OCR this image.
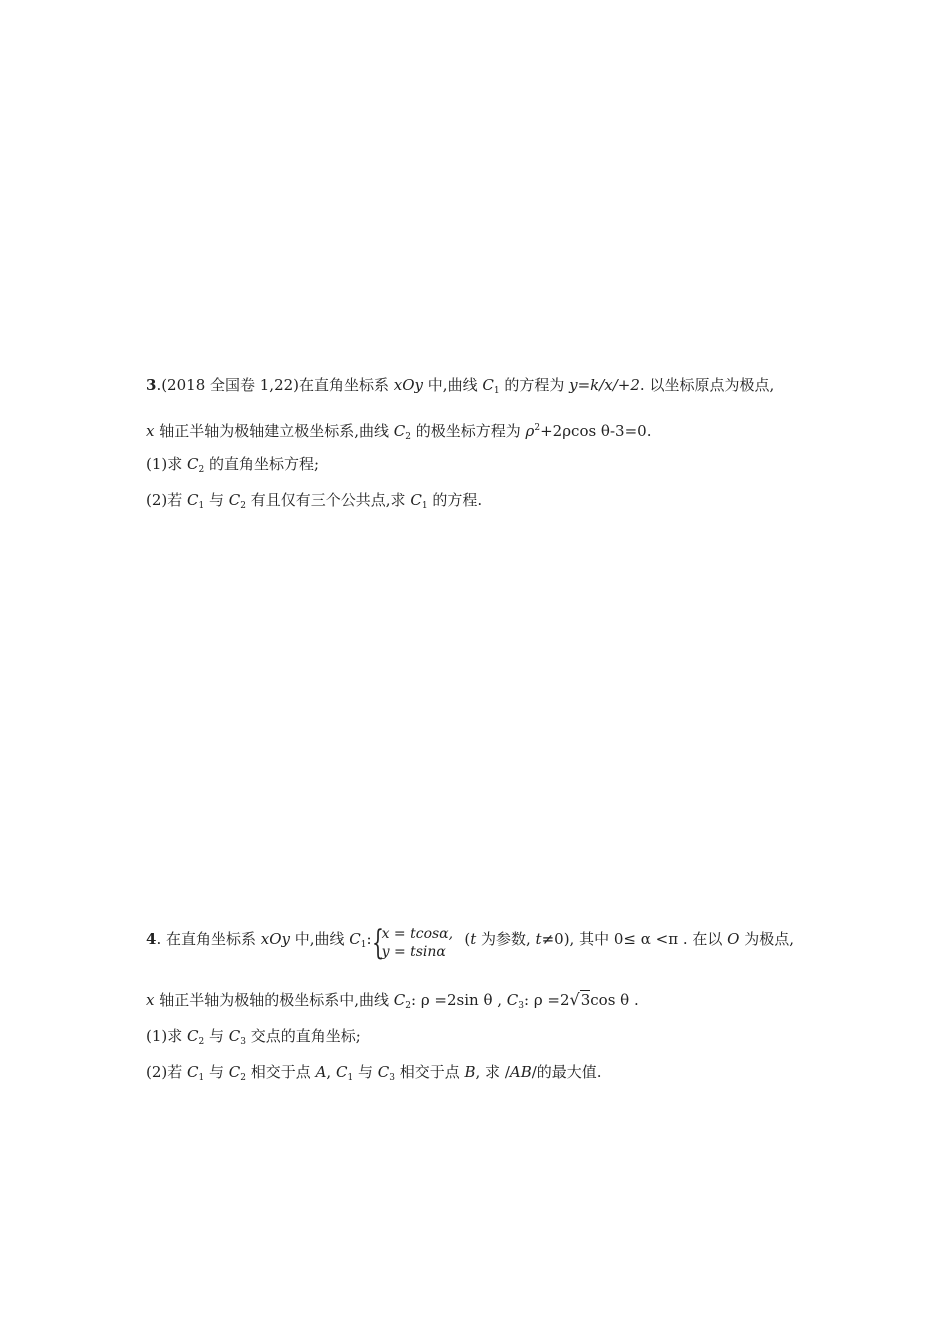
3.(2018 全国卷 1,22)在直角坐标系 xOy 中,曲线 $C_1$ 的方程为 y=k/x/+2. 以坐标原点为极点,
x 轴正半轴为极轴建立极坐标系,曲线 $C_2$ 的极坐标方程为 $\rho^2+2\rho\cos$ θ-3=0.
(1)求 $C_2$ 的直角坐标方程;
(2)若 $C_1$ 与 $C_2$ 有且仅有三个公共点,求 $C_1$ 的方程.
4. 在直角坐标系 xOy 中,曲线 $C_1$: {
x = tcosα,
y = tsinα
(t 为参数, t≠0), 其中 0≤ α <π . 在以 O 为极点,
x 轴正半轴为极轴的极坐标系中,曲线 $C_2$: ρ =2sin θ , $C_3$: ρ =2√3cos θ .
(1)求 $C_2$ 与 $C_3$ 交点的直角坐标;
(2)若 $C_1$ 与 $C_2$ 相交于点 A, $C_1$ 与 $C_3$ 相交于点 B, 求 /AB/的最大值.
